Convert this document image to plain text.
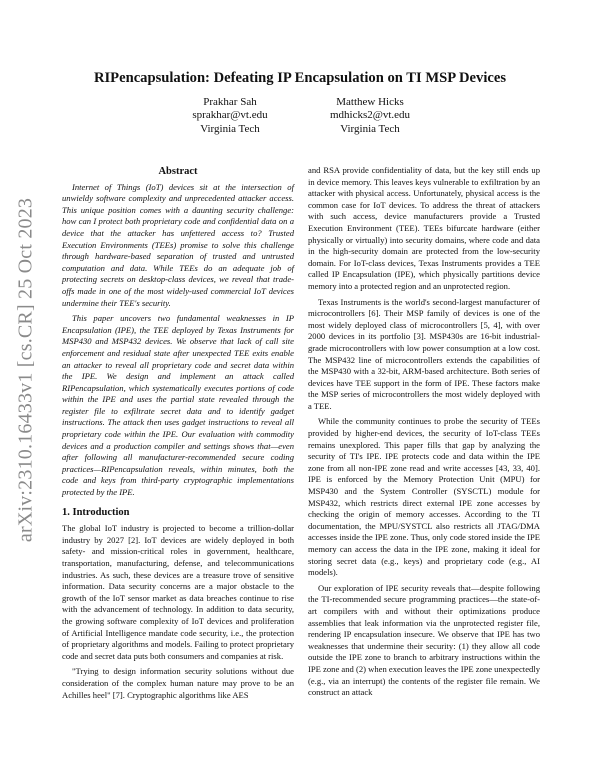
arXiv:2310.16433v1 [cs.CR] 25 Oct 2023
RIPencapsulation: Defeating IP Encapsulation on TI MSP Devices
Prakhar Sah
sprakhar@vt.edu
Virginia Tech
Matthew Hicks
mdhicks2@vt.edu
Virginia Tech
Abstract

Internet of Things (IoT) devices sit at the intersection of unwieldy software complexity and unprecedented attacker access. This unique position comes with a daunting security challenge: how can I protect both proprietary code and confidential data on a device that the attacker has unfettered access to? Trusted Execution Environments (TEEs) promise to solve this challenge through hardware-based separation of trusted and untrusted computation and data. While TEEs do an adequate job of protecting secrets on desktop-class devices, we reveal that trade-offs made in one of the most widely-used commercial IoT devices undermine their TEE's security.

This paper uncovers two fundamental weaknesses in IP Encapsulation (IPE), the TEE deployed by Texas Instruments for MSP430 and MSP432 devices. We observe that lack of call site enforcement and residual state after unexpected TEE exits enable an attacker to reveal all proprietary code and secret data within the IPE. We design and implement an attack called RIPencapsulation, which systematically executes portions of code within the IPE and uses the partial state revealed through the register file to exfiltrate secret data and to identify gadget instructions. The attack then uses gadget instructions to reveal all proprietary code within the IPE. Our evaluation with commodity devices and a production compiler and settings shows that—even after following all manufacturer-recommended secure coding practices—RIPencapsulation reveals, within minutes, both the code and keys from third-party cryptographic implementations protected by the IPE.

1. Introduction

The global IoT industry is projected to become a trillion-dollar industry by 2027 [2]. IoT devices are widely deployed in both safety- and mission-critical roles in government, healthcare, transportation, manufacturing, defense, and telecommunications industries. As such, these devices are a treasure trove of sensitive information. Data security concerns are a major obstacle to the growth of the IoT sensor market as data breaches continue to rise with the advancement of technology. In addition to data security, the growing software complexity of IoT devices and proliferation of Artificial Intelligence mandate code security, i.e., the protection of proprietary algorithms and models. Failing to protect proprietary code and secret data puts both consumers and companies at risk.

"Trying to design information security solutions without due consideration of the complex human nature may prove to be an Achilles heel" [7]. Cryptographic algorithms like AES

and RSA provide confidentiality of data, but the key still ends up in device memory. This leaves keys vulnerable to exfiltration by an attacker with physical access. Unfortunately, physical access is the common case for IoT devices. To address the threat of attackers with such access, device manufacturers provide a Trusted Execution Environment (TEE). TEEs bifurcate hardware (either physically or virtually) into security domains, where code and data in the high-security domain are protected from the low-security domain. For IoT-class devices, Texas Instruments provides a TEE called IP Encapsulation (IPE), which physically partitions device memory into a protected region and an unprotected region.

Texas Instruments is the world's second-largest manufacturer of microcontrollers [6]. Their MSP family of devices is one of the most widely deployed class of microcontrollers [5, 4], with over 2000 devices in its portfolio [3]. MSP430s are 16-bit industrial-grade microcontrollers with low power consumption at a low cost. The MSP432 line of microcontrollers extends the capabilities of the MSP430 with a 32-bit, ARM-based architecture. Both series of devices have TEE support in the form of IPE. These factors make the MSP series of microcontrollers the most widely deployed with a TEE.

While the community continues to probe the security of TEEs provided by higher-end devices, the security of IoT-class TEEs remains unexplored. This paper fills that gap by analyzing the security of TI's IPE. IPE protects code and data within the IPE zone from all non-IPE zone read and write accesses [43, 33, 40]. IPE is enforced by the Memory Protection Unit (MPU) for MSP430 and the System Controller (SYSCTL) module for MSP432, which restricts direct external IPE zone accesses by checking the origin of memory accesses. According to the TI documentation, the MPU/SYSTCL also restricts all JTAG/DMA accesses inside the IPE zone. Thus, only code stored inside the IPE memory can access the data in the IPE zone, making it ideal for storing secret data (e.g., keys) and proprietary code (e.g., AI models).

Our exploration of IPE security reveals that—despite following the TI-recommended secure programming practices—the state-of-art compilers with and without their optimizations produce assemblies that leak information via the unprotected register file, rendering IP encapsulation insecure. We observe that IPE has two weaknesses that undermine their security: (1) they allow all code outside the IPE zone to branch to arbitrary instructions within the IPE zone and (2) when execution leaves the IPE zone unexpectedly (e.g., via an interrupt) the contents of the register file remain. We construct an attack
